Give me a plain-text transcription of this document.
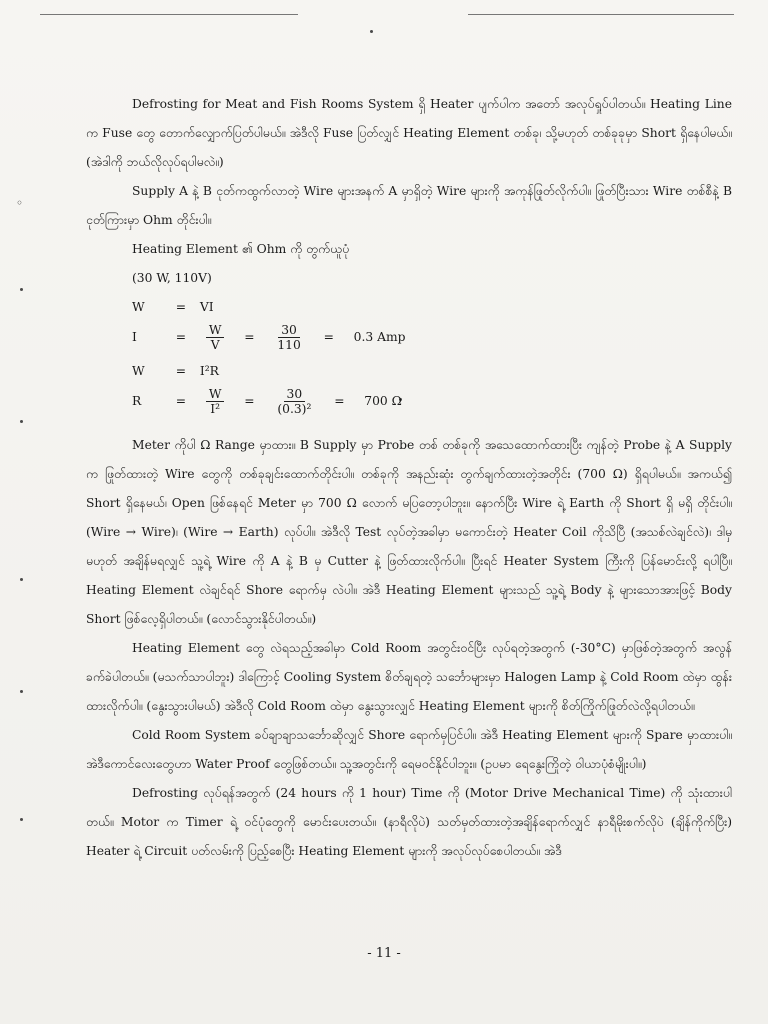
◦

Defrosting for Meat and Fish Rooms System ရှိ Heater ပျက်ပါက အတော် အလုပ်ရှုပ်ပါတယ်။ Heating Line က Fuse တွေ တောက်လျှောက်ပြတ်ပါမယ်။ အဲဒီလို Fuse ပြတ်လျှင် Heating Element တစ်ခု၊ သို့မဟုတ် တစ်ခုခုမှာ Short ရှိနေပါမယ်။ (အဲဒါကို ဘယ်လိုလုပ်ရပါမလဲ။)

Supply A နဲ့ B ငုတ်ကထွက်လာတဲ့ Wire များအနက် A မှာရှိတဲ့ Wire များကို အကုန်ဖြုတ်လိုက်ပါ။ ဖြုတ်ပြီးသား Wire တစ်စီနဲ့ B ငုတ်ကြားမှာ Ohm တိုင်းပါ။

Heating Element ၏ Ohm ကို တွက်ယူပုံ

(30 W, 110V)

W	= VI
I	= $\frac{W}{V} = \frac{30}{110} = 0.3$ Amp
W	= I²R
R	= $\frac{W}{\text{I²}} = \frac{30}{\text{(0.3)²}} = 700$ Ω

Meter ကိုပါ Ω Range မှာထား။ B Supply မှာ Probe တစ် တစ်ခုကို အသေထောက်ထားပြီး ကျန်တဲ့ Probe နဲ့ A Supply က ဖြုတ်ထားတဲ့ Wire တွေကို တစ်ခုချင်းထောက်တိုင်းပါ။ တစ်ခုကို အနည်းဆုံး တွက်ချက်ထားတဲ့အတိုင်း (700 Ω) ရှိရပါမယ်။ အကယ်၍ Short ရှိနေမယ်၊ Open ဖြစ်နေရင် Meter မှာ 700 Ω လောက် မပြတော့ပါဘူး။ နောက်ပြီး Wire ရဲ့ Earth ကို Short ရှိ မရှိ တိုင်းပါ။ (Wire → Wire)၊ (Wire → Earth) လုပ်ပါ။ အဲဒီလို Test လုပ်တဲ့အခါမှာ မကောင်းတဲ့ Heater Coil ကိုသိပြီ (အသစ်လဲချင်လဲ)၊ ဒါမှမဟုတ် အချိန်မရလျှင် သူ့ရဲ့ Wire ကို A နဲ့ B မှ Cutter နဲ့ ဖြတ်ထားလိုက်ပါ။ ပြီးရင် Heater System ကြီးကို ပြန်မောင်းလို့ ရပါပြီ။ Heating Element လဲချင်ရင် Shore ရောက်မှ လဲပါ။ အဲဒီ Heating Element များသည် သူ့ရဲ့ Body နဲ့ များသောအားဖြင့် Body Short ဖြစ်လေ့ရှိပါတယ်။ (လောင်သွားနိုင်ပါတယ်။)

Heating Element တွေ လဲရသည့်အခါမှာ Cold Room အတွင်းဝင်ပြီး လုပ်ရတဲ့အတွက် (-30°C) မှာဖြစ်တဲ့အတွက် အလွန် ခက်ခဲပါတယ်။ (မသက်သာပါဘူး) ဒါကြောင့် Cooling System စိတ်ချရတဲ့ သင်္ဘောများမှာ Halogen Lamp နဲ့ Cold Room ထဲမှာ ထွန်းထားလိုက်ပါ။ (နွေးသွားပါမယ်) အဲဒီလို Cold Room ထဲမှာ နွေးသွားလျှင် Heating Element များကို စိတ်ကြိုက်ဖြုတ်လဲလို့ရပါတယ်။

Cold Room System ခပ်ချာချာသင်္ဘောဆိုလျှင် Shore ရောက်မှပြင်ပါ။ အဲဒီ Heating Element များကို Spare မှာထားပါ။ အဲဒီကောင်လေးတွေဟာ Water Proof တွေဖြစ်တယ်။ သူ့အတွင်းကို ရေမဝင်နိုင်ပါဘူး။ (ဥပမာ ရေနွေးကြိုတဲ့ ဝါယာပုံစံမျိုးပါ။)

Defrosting လုပ်ရန်အတွက် (24 hours ကို 1 hour) Time ကို (Motor Drive Mechanical Time) ကို သုံးထားပါတယ်။ Motor က Timer ရဲ့ ဝင်ပုံတွေကို မောင်းပေးတယ်။ (နာရီလိုပဲ) သတ်မှတ်ထားတဲ့အချိန်ရောက်လျှင် နာရီမိုးစက်လိုပဲ (ချိန်ကိုက်ပြီး) Heater ရဲ့ Circuit ပတ်လမ်းကို ပြည့်စေပြီး Heating Element များကို အလုပ်လုပ်စေပါတယ်။ အဲဒီ

- 11 -
